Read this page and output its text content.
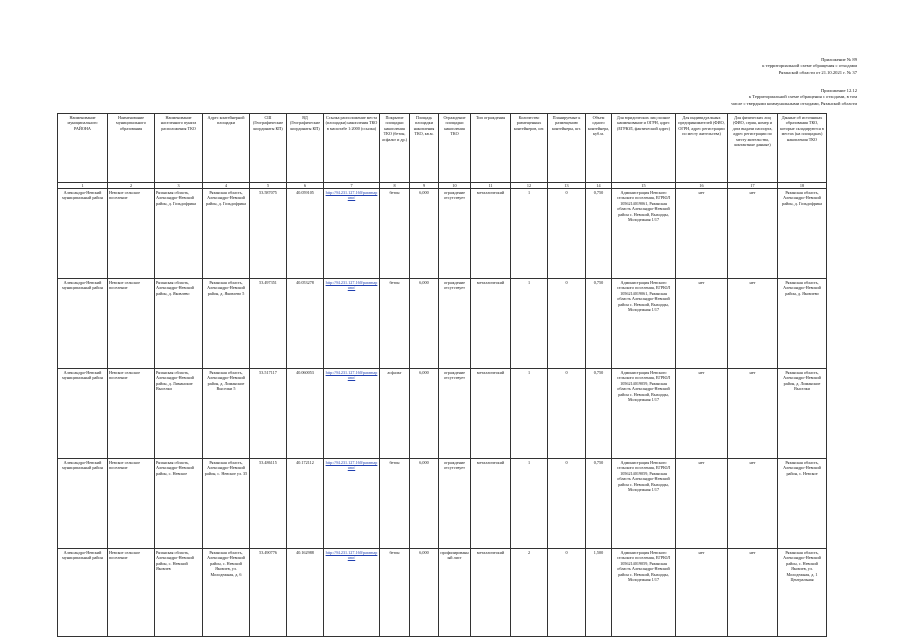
Приложение № 89
к территориальной схеме обращения с отходами
Рязанской области от 21.10.2021 г. № 37
Приложение 12.12
к Территориальной схеме обращения с отходами, в том
числе с твердыми коммунальными отходами, Рязанской области
Наименование муниципального РАЙОНА	Наименование муниципального образования	Наименование населенного пункта расположения ТКО	Адрес контейнерной площадки	СШ (Географические координаты КП)	ВД (Географические координаты КП)	Ссылка расположение места (площадки) накопления ТКО в масштабе 1:2000 (ссылка)	Покрытие площадки накопления ТКО (бетон, асфальт и др.)	Площадь площадки накопления ТКО, кв.м.	Ограждение площадки накопления ТКО	Тип ограждения	Количество размещенных контейнеров, шт.	Планируемые к размещению контейнеры, шт.	Объем одного контейнера, куб.м.	Для юридических лиц полное наименование и ОГРН, адрес (ЕГРЮЛ, фактический адрес)	Для индивидуальных предпринимателей (ФИО, ОГРН, адрес регистрации по месту жительства)	Для физических лиц (ФИО, серия, номер и дата выдачи паспорта, адрес регистрации по месту жительства, контактные данные)	Данные об источниках образования ТКО, которые складируются в местах (на площадках) накопления ТКО
1	2	3	4	5	6	7	8	9	10	11	12	13	14	15	16	17	18
Александро-Невский муниципальный район	Невское сельское поселение	Рязанская область, Александро-Невский район, д. Гольдофрика	Рязанская область, Александро-Невский район, д. Гольдофрика	53.587075	40.059105	http://94.231.127.160/paramapuno/	бетон	6,000	ограждение отсутствует	металлический	1	0	0,750	Администрация Невского сельского поселения, ЕГРЮЛ 1056214019061, Рязанская область Александро-Невский район с. Невский, Выходцы, Молодежная 1/17	нет	нет	Рязанская область, Александро-Невский район, д. Гольдофрика
Александро-Невский муниципальный район	Невское сельское поселение	Рязанская область, Александро-Невский район, д. Яковлево	Рязанская область, Александро-Невский район, д. Яковлево 5	53.497351	40.053278	http://94.231.127.160/paramapuno/	бетон	6,000	ограждение отсутствует	металлический	1	0	0,750	Администрация Невского сельского поселения, ЕГРЮЛ 1056214019061, Рязанская область Александро-Невский район с. Невский, Выходцы, Молодежная 1/17	нет	нет	Рязанская область, Александро-Невский район, д. Яковлево
Александро-Невский муниципальный район	Невское сельское поселение	Рязанская область, Александро-Невский район, д. Лиманские Выселки	Рязанская область, Александро-Невский район, д. Лиманские Выселки 5	53.517117	40.060053	http://94.231.127.160/paramapuno/	асфальт	6,000	ограждение отсутствует	металлический	1	0	0,750	Администрация Невского сельского поселения, ЕГРЮЛ 1056214019059, Рязанская область Александро-Невский район с. Невский, Выходцы, Молодежная 1/17	нет	нет	Рязанская область, Александро-Невский район, д. Лиманские Выселки
Александро-Невский муниципальный район	Невское сельское поселение	Рязанская область, Александро-Невский район, с. Невское	Рязанская область, Александро-Невский район, с. Невское ул. 35	53.486115	40.172112	http://94.231.127.160/paramapuno/	бетон	6,000	ограждение отсутствует	металлический	1	0	0,750	Администрация Невского сельского поселения, ЕГРЮЛ 1056214019059, Рязанская область Александро-Невский район с. Невский, Выходцы, Молодежная 1/17	нет	нет	Рязанская область, Александро-Невский район, с. Невское
Александро-Невский муниципальный район	Невское сельское поселение	Рязанская область, Александро-Невский район, с. Невский Яковлев	Рязанская область, Александро-Невский район, с. Невский Яковлев, ул. Молодежная, д. 6	53.490776	40.162988	http://94.231.127.160/paramapuno/	бетон	6,000	профилированный лист	металлический	2	0	1,500	Администрация Невского сельского поселения, ЕГРЮЛ 1056214019059, Рязанская область Александро-Невский район с. Невский, Выходцы, Молодежная 1/17	нет	нет	Рязанская область, Александро-Невский район, с. Невский Яковлев, ул. Молодежная, д. 1 Центральная
